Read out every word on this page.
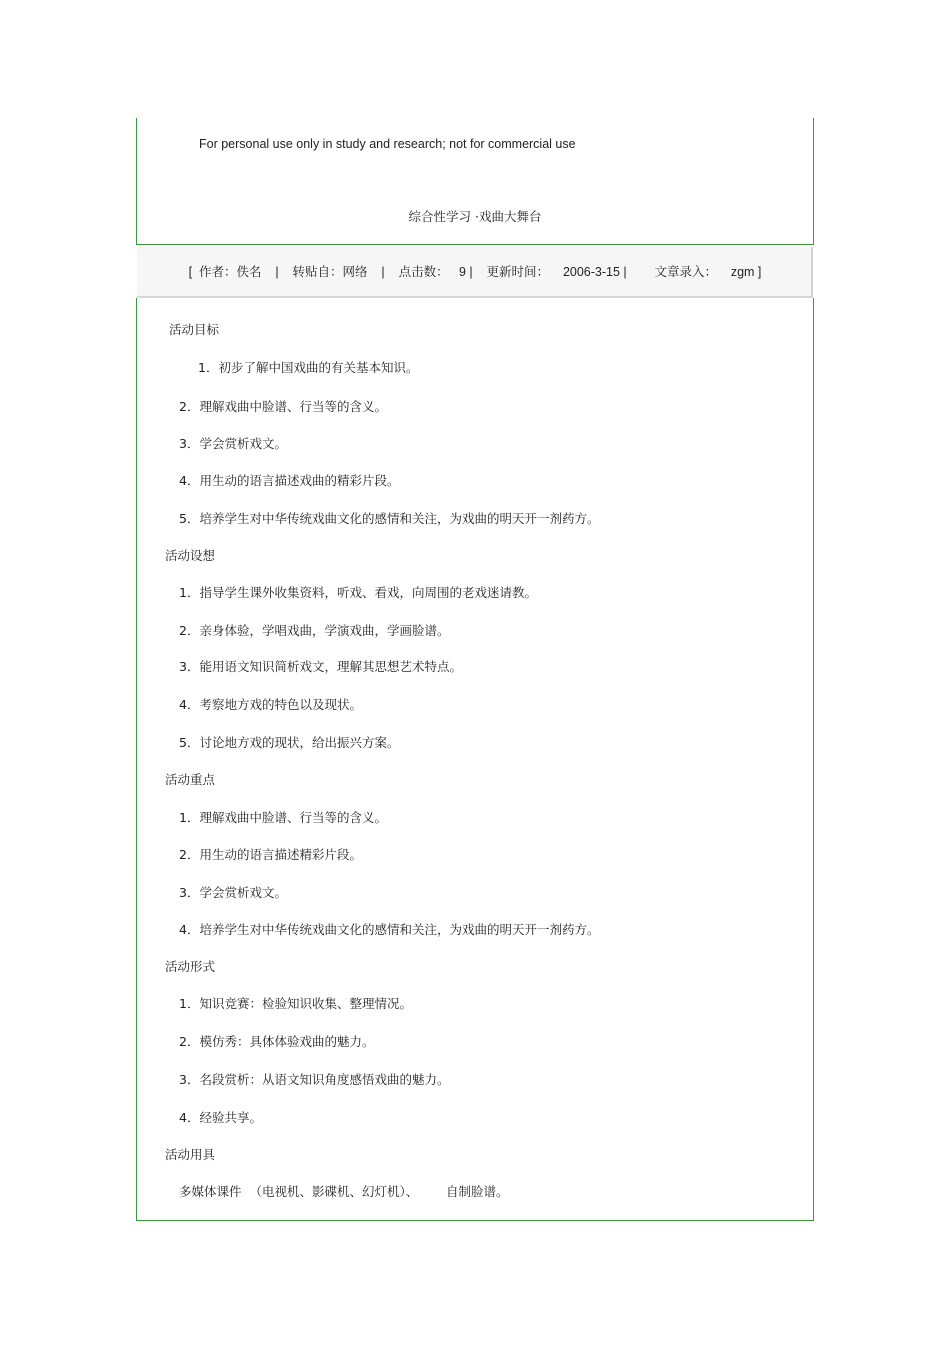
For personal use only in study and research; not for commercial use
综合性学习 ·戏曲大舞台
[  作者：佚名    |    转贴自：网络    |    点击数：   9 |    更新时间：    2006-3-15 |        文章录入：    zgm ]
活动目标
1．初步了解中国戏曲的有关基本知识。
2．理解戏曲中脸谱、行当等的含义。
3．学会赏析戏文。
4．用生动的语言描述戏曲的精彩片段。
5．培养学生对中华传统戏曲文化的感情和关注，为戏曲的明天开一剂药方。
活动设想
1．指导学生课外收集资料，听戏、看戏，向周围的老戏迷请教。
2．亲身体验，学唱戏曲，学演戏曲，学画脸谱。
3．能用语文知识简析戏文，理解其思想艺术特点。
4．考察地方戏的特色以及现状。
5．讨论地方戏的现状，给出振兴方案。
活动重点
1．理解戏曲中脸谱、行当等的含义。
2．用生动的语言描述精彩片段。
3．学会赏析戏文。
4．培养学生对中华传统戏曲文化的感情和关注，为戏曲的明天开一剂药方。
活动形式
1．知识竞赛：检验知识收集、整理情况。
2．模仿秀：具体体验戏曲的魅力。
3．名段赏析：从语文知识角度感悟戏曲的魅力。
4．经验共享。
活动用具
多媒体课件  （电视机、影碟机、幻灯机）、       自制脸谱。
